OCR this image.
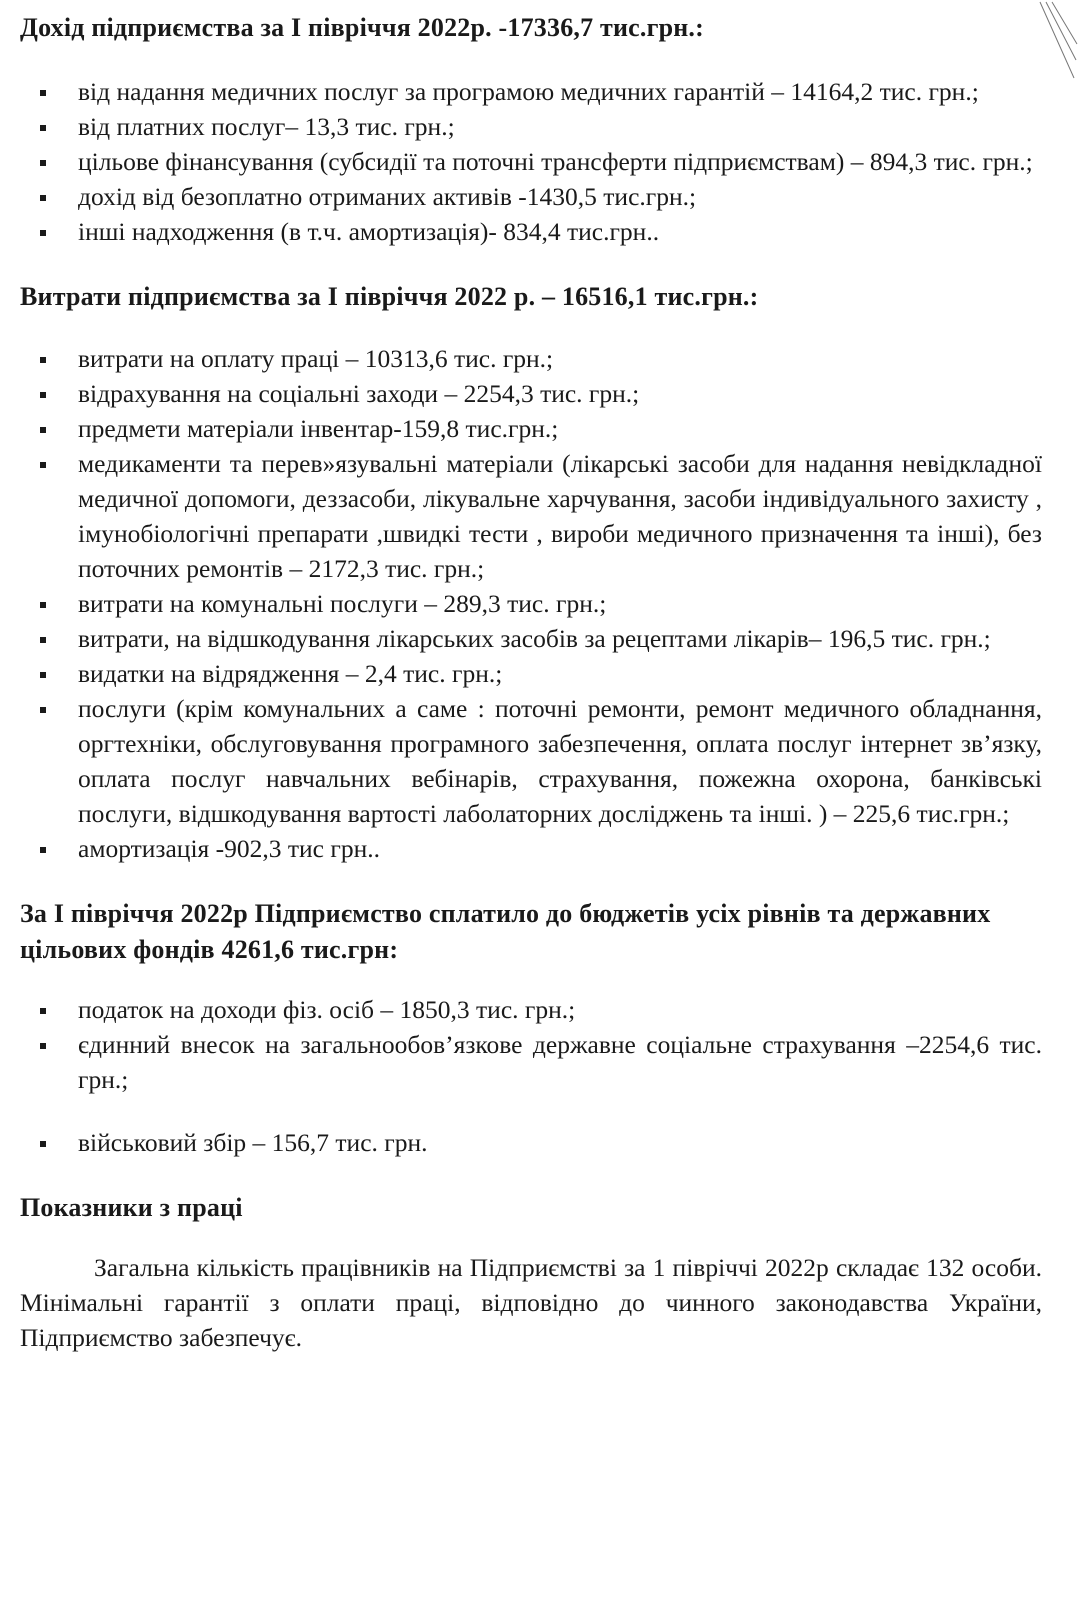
Дохід підприємства за І півріччя 2022р. -17336,7 тис.грн.:
від надання медичних послуг за програмою медичних гарантій – 14164,2 тис. грн.;
від платних послуг– 13,3 тис. грн.;
цільове фінансування (субсидії та поточні трансферти підприємствам) – 894,3 тис. грн.;
дохід від безоплатно отриманих активів -1430,5 тис.грн.;
інші надходження (в т.ч. амортизація)- 834,4 тис.грн..
Витрати підприємства за І півріччя 2022 р. – 16516,1 тис.грн.:
витрати на оплату праці – 10313,6 тис. грн.;
відрахування на соціальні заходи – 2254,3 тис. грн.;
предмети матеріали інвентар-159,8 тис.грн.;
медикаменти та перев»язувальні матеріали (лікарські засоби для надання невідкладної медичної допомоги, деззасоби, лікувальне харчування, засоби індивідуального захисту , імунобіологічні препарати ,швидкі тести , вироби медичного призначення та інші), без поточних ремонтів – 2172,3 тис. грн.;
витрати на комунальні послуги – 289,3 тис. грн.;
витрати, на відшкодування лікарських засобів за рецептами лікарів– 196,5 тис. грн.;
видатки на відрядження – 2,4 тис. грн.;
послуги (крім комунальних а саме : поточні ремонти, ремонт медичного обладнання, оргтехніки, обслуговування програмного забезпечення, оплата послуг інтернет зв’язку, оплата послуг навчальних вебінарів, страхування, пожежна охорона, банківські послуги, відшкодування вартості лаболаторних досліджень та інші. ) – 225,6 тис.грн.;
амортизація -902,3 тис грн..
За І півріччя 2022р Підприємство сплатило до бюджетів усіх рівнів та державних цільових фондів 4261,6 тис.грн:
податок на доходи фіз. осіб – 1850,3 тис. грн.;
єдинний внесок на загальнообов’язкове державне соціальне страхування –2254,6 тис. грн.;
військовий збір – 156,7 тис. грн.
Показники з праці

Загальна кількість працівників на Підприємстві за 1 півріччі 2022р складає 132 особи. Мінімальні гарантії з оплати праці, відповідно до чинного законодавства України, Підприємство забезпечує.
